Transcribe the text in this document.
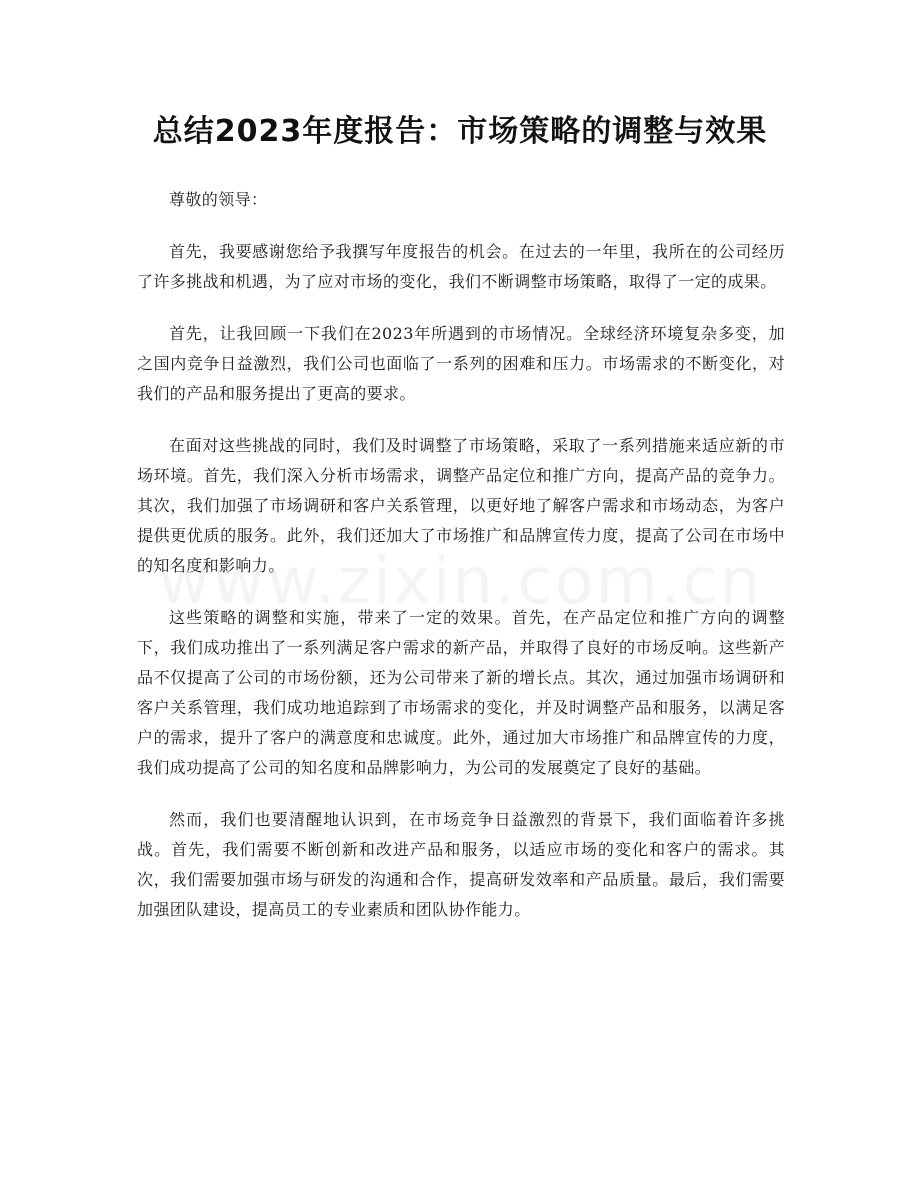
总结2023年度报告：市场策略的调整与效果

尊敬的领导：

首先，我要感谢您给予我撰写年度报告的机会。在过去的一年里，我所在的公司经历了许多挑战和机遇，为了应对市场的变化，我们不断调整市场策略，取得了一定的成果。

首先，让我回顾一下我们在2023年所遇到的市场情况。全球经济环境复杂多变，加之国内竞争日益激烈，我们公司也面临了一系列的困难和压力。市场需求的不断变化，对我们的产品和服务提出了更高的要求。

在面对这些挑战的同时，我们及时调整了市场策略，采取了一系列措施来适应新的市场环境。首先，我们深入分析市场需求，调整产品定位和推广方向，提高产品的竞争力。其次，我们加强了市场调研和客户关系管理，以更好地了解客户需求和市场动态，为客户提供更优质的服务。此外，我们还加大了市场推广和品牌宣传力度，提高了公司在市场中的知名度和影响力。

这些策略的调整和实施，带来了一定的效果。首先，在产品定位和推广方向的调整下，我们成功推出了一系列满足客户需求的新产品，并取得了良好的市场反响。这些新产品不仅提高了公司的市场份额，还为公司带来了新的增长点。其次，通过加强市场调研和客户关系管理，我们成功地追踪到了市场需求的变化，并及时调整产品和服务，以满足客户的需求，提升了客户的满意度和忠诚度。此外，通过加大市场推广和品牌宣传的力度，我们成功提高了公司的知名度和品牌影响力，为公司的发展奠定了良好的基础。

然而，我们也要清醒地认识到，在市场竞争日益激烈的背景下，我们面临着许多挑战。首先，我们需要不断创新和改进产品和服务，以适应市场的变化和客户的需求。其次，我们需要加强市场与研发的沟通和合作，提高研发效率和产品质量。最后，我们需要加强团队建设，提高员工的专业素质和团队协作能力。
